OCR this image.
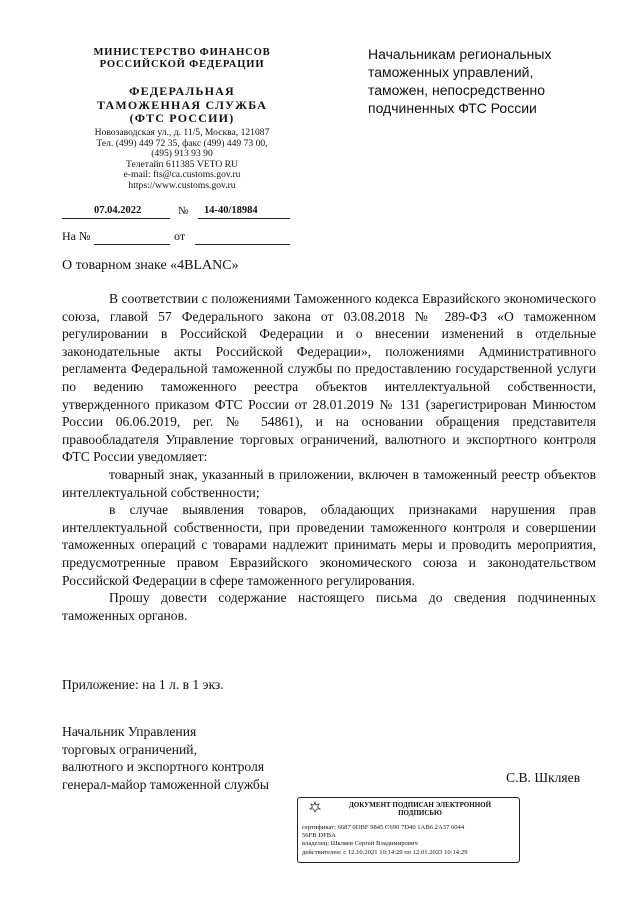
МИНИСТЕРСТВО ФИНАНСОВ
РОССИЙСКОЙ ФЕДЕРАЦИИ
ФЕДЕРАЛЬНАЯ
ТАМОЖЕННАЯ СЛУЖБА
(ФТС РОССИИ)
Новозаводская ул., д. 11/5, Москва, 121087
Тел. (499) 449 72 35, факс (499) 449 73 00,
(495) 913 93 90
Телетайп 611385 VETO RU
e-mail: fts@ca.customs.gov.ru
https://www.customs.gov.ru
07.04.2022	№ 14-40/18984
На №	от
Начальникам региональных
таможенных управлений,
таможен, непосредственно
подчиненных ФТС России
О товарном знаке «4BLANC»

В соответствии с положениями Таможенного кодекса Евразийского экономического союза, главой 57 Федерального закона от 03.08.2018 № 289-ФЗ «О таможенном регулировании в Российской Федерации и о внесении изменений в отдельные законодательные акты Российской Федерации», положениями Административного регламента Федеральной таможенной службы по предоставлению государственной услуги по ведению таможенного реестра объектов интеллектуальной собственности, утвержденного приказом ФТС России от 28.01.2019 № 131 (зарегистрирован Минюстом России 06.06.2019, рег. № 54861), и на основании обращения представителя правообладателя Управление торговых ограничений, валютного и экспортного контроля ФТС России уведомляет:

товарный знак, указанный в приложении, включен в таможенный реестр объектов интеллектуальной собственности;

в случае выявления товаров, обладающих признаками нарушения прав интеллектуальной собственности, при проведении таможенного контроля и совершении таможенных операций с товарами надлежит принимать меры и проводить мероприятия, предусмотренные правом Евразийского экономического союза и законодательством Российской Федерации в сфере таможенного регулирования.

Прошу довести содержание настоящего письма до сведения подчиненных таможенных органов.

Приложение: на 1 л. в 1 экз.
Начальник Управления
торговых ограничений,
валютного и экспортного контроля
генерал-майор таможенной службы	С.В. Шкляев
ДОКУМЕНТ ПОДПИСАН ЭЛЕКТРОННОЙ
ПОДПИСЬЮ
сертификат: 6687 0DBF 9845 C690 7D40 1AB6 2A37 6044
56FB DFBA
владелец: Шкляев Сергей Владимирович
действителен: с 12.10.2021 10:14:29 по 12.01.2023 10:14:29
